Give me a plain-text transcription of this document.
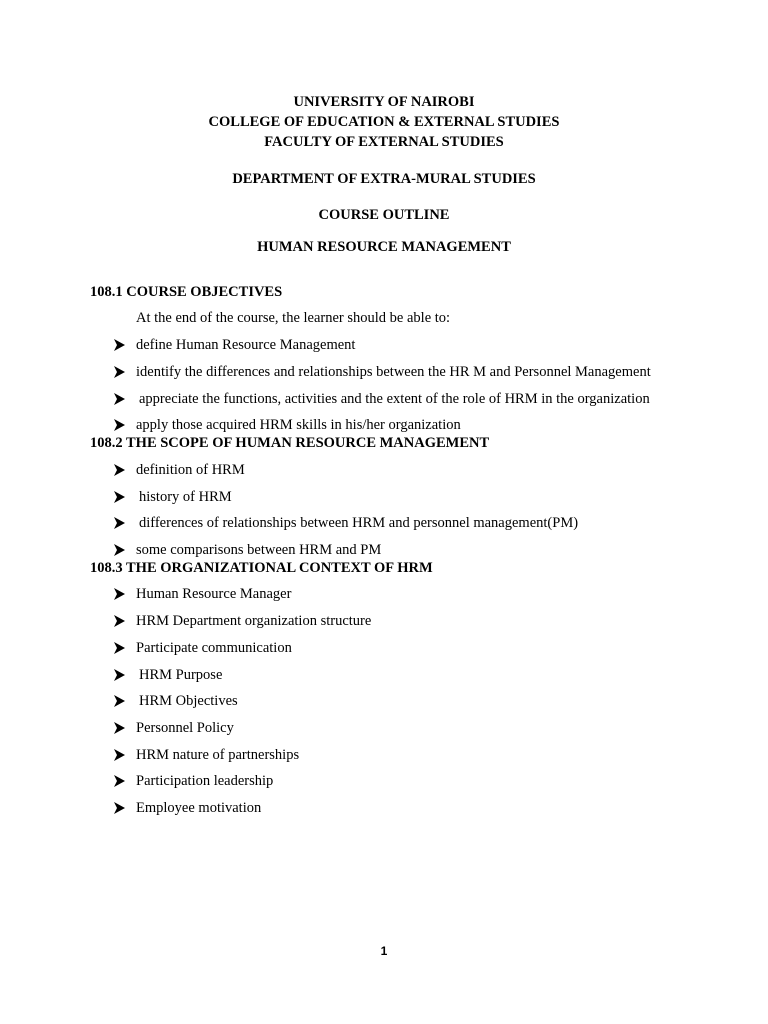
UNIVERSITY OF NAIROBI
COLLEGE OF EDUCATION & EXTERNAL STUDIES
FACULTY OF EXTERNAL STUDIES
DEPARTMENT OF EXTRA-MURAL STUDIES
COURSE OUTLINE
HUMAN RESOURCE MANAGEMENT
108.1 COURSE OBJECTIVES
At the end of the course, the learner should be able to:
define Human Resource Management
identify the differences and relationships between the HR M and Personnel Management
appreciate the functions, activities and the extent of the role of HRM in the organization
apply those acquired HRM skills in his/her organization
108.2 THE SCOPE OF HUMAN RESOURCE MANAGEMENT
definition of HRM
history of HRM
differences of relationships between HRM and personnel management(PM)
some comparisons between HRM and PM
108.3 THE ORGANIZATIONAL CONTEXT OF HRM
Human Resource Manager
HRM Department organization structure
Participate communication
HRM Purpose
HRM Objectives
Personnel Policy
HRM nature of partnerships
Participation leadership
Employee motivation
1
